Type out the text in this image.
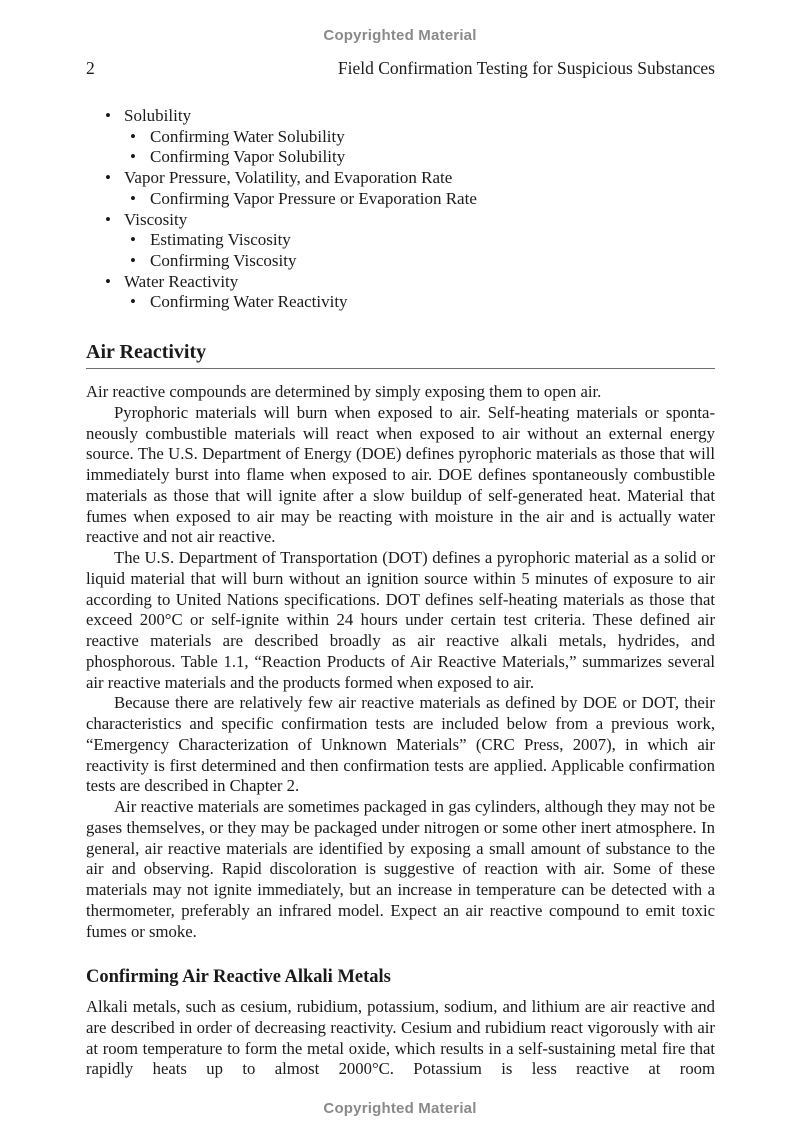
Copyrighted Material
2	Field Confirmation Testing for Suspicious Substances
• Solubility
• Confirming Water Solubility
• Confirming Vapor Solubility
• Vapor Pressure, Volatility, and Evaporation Rate
• Confirming Vapor Pressure or Evaporation Rate
• Viscosity
• Estimating Viscosity
• Confirming Viscosity
• Water Reactivity
• Confirming Water Reactivity
Air Reactivity

Air reactive compounds are determined by simply exposing them to open air.

Pyrophoric materials will burn when exposed to air. Self-heating materials or spontaneously combustible materials will react when exposed to air without an external energy source. The U.S. Department of Energy (DOE) defines pyrophoric materials as those that will immediately burst into flame when exposed to air. DOE defines spontaneously combustible materials as those that will ignite after a slow buildup of self-generated heat. Material that fumes when exposed to air may be reacting with moisture in the air and is actually water reactive and not air reactive.

The U.S. Department of Transportation (DOT) defines a pyrophoric material as a solid or liquid material that will burn without an ignition source within 5 minutes of exposure to air according to United Nations specifications. DOT defines self-heating materials as those that exceed 200°C or self-ignite within 24 hours under certain test criteria. These defined air reactive materials are described broadly as air reactive alkali metals, hydrides, and phosphorous. Table 1.1, “Reaction Products of Air Reactive Materials,” summarizes several air reactive materials and the products formed when exposed to air.

Because there are relatively few air reactive materials as defined by DOE or DOT, their characteristics and specific confirmation tests are included below from a previous work, “Emergency Characterization of Unknown Materials” (CRC Press, 2007), in which air reactivity is first determined and then confirmation tests are applied. Applicable confirmation tests are described in Chapter 2.

Air reactive materials are sometimes packaged in gas cylinders, although they may not be gases themselves, or they may be packaged under nitrogen or some other inert atmosphere. In general, air reactive materials are identified by exposing a small amount of substance to the air and observing. Rapid discoloration is suggestive of reaction with air. Some of these materials may not ignite immediately, but an increase in temperature can be detected with a thermometer, preferably an infrared model. Expect an air reactive compound to emit toxic fumes or smoke.

Confirming Air Reactive Alkali Metals

Alkali metals, such as cesium, rubidium, potassium, sodium, and lithium are air reactive and are described in order of decreasing reactivity. Cesium and rubidium react vigorously with air at room temperature to form the metal oxide, which results in a self-sustaining metal fire that rapidly heats up to almost 2000°C. Potassium is less reactive at room

Copyrighted Material
